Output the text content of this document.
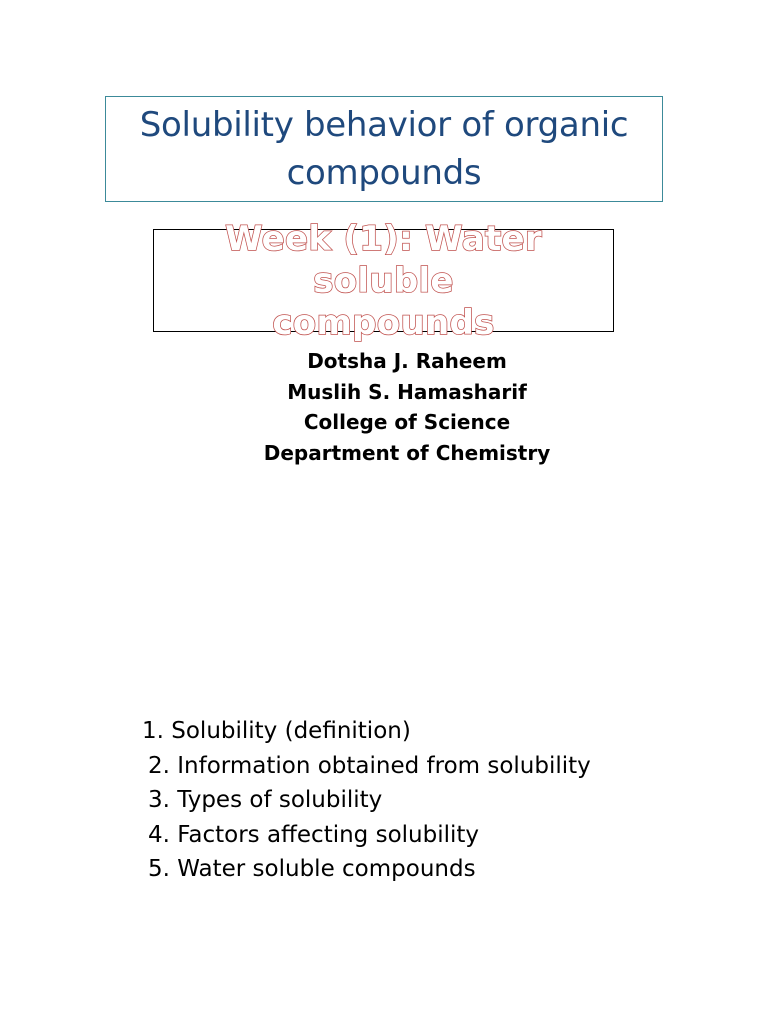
Solubility behavior of organic
compounds
Week (1): Water soluble
compounds
Dotsha J. Raheem
Muslih S. Hamasharif
College of Science
Department of Chemistry
1. Solubility (definition)
2. Information obtained from solubility
3. Types of solubility
4. Factors affecting solubility
5. Water soluble compounds
